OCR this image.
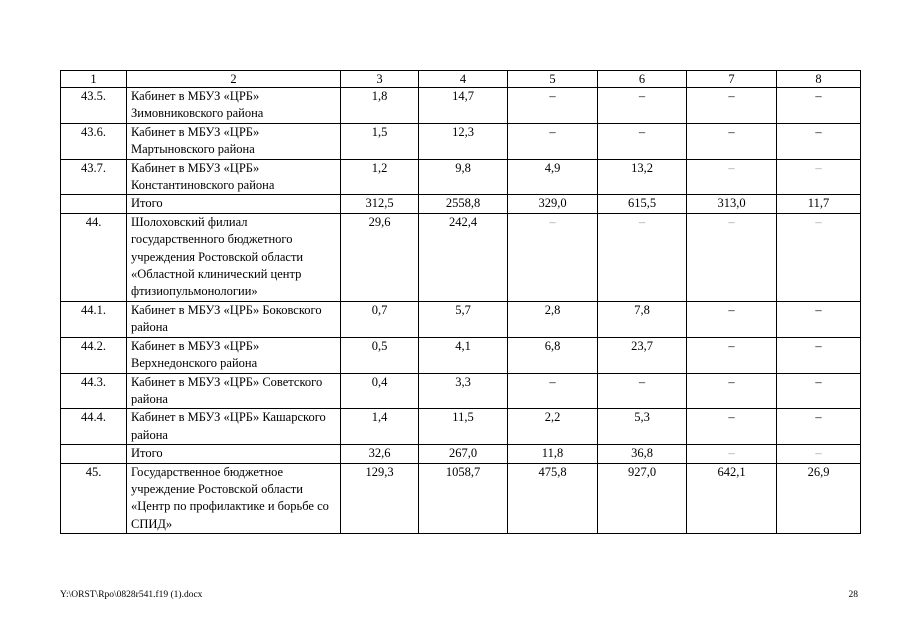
1	2	3	4	5	6	7	8
43.5.	Кабинет в МБУЗ «ЦРБ» Зимовниковского района	1,8	14,7	–	–	–	–
43.6.	Кабинет в МБУЗ «ЦРБ» Мартыновского района	1,5	12,3	–	–	–	–
43.7.	Кабинет в МБУЗ «ЦРБ» Константиновского района	1,2	9,8	4,9	13,2	–	–
	Итого	312,5	2558,8	329,0	615,5	313,0	11,7
44.	Шолоховский филиал государственного бюджетного учреждения Ростовской области «Областной клинический центр фтизиопульмонологии»	29,6	242,4	–	–	–	–
44.1.	Кабинет в МБУЗ «ЦРБ» Боковского района	0,7	5,7	2,8	7,8	–	–
44.2.	Кабинет в МБУЗ «ЦРБ» Верхнедонского района	0,5	4,1	6,8	23,7	–	–
44.3.	Кабинет в МБУЗ «ЦРБ» Советского района	0,4	3,3	–	–	–	–
44.4.	Кабинет в МБУЗ «ЦРБ» Кашарского района	1,4	11,5	2,2	5,3	–	–
	Итого	32,6	267,0	11,8	36,8	–	–
45.	Государственное бюджетное учреждение Ростовской области «Центр по профилактике и борьбе со СПИД»	129,3	1058,7	475,8	927,0	642,1	26,9
Y:\ORST\Rpo\0828r541.f19 (1).docx	28
